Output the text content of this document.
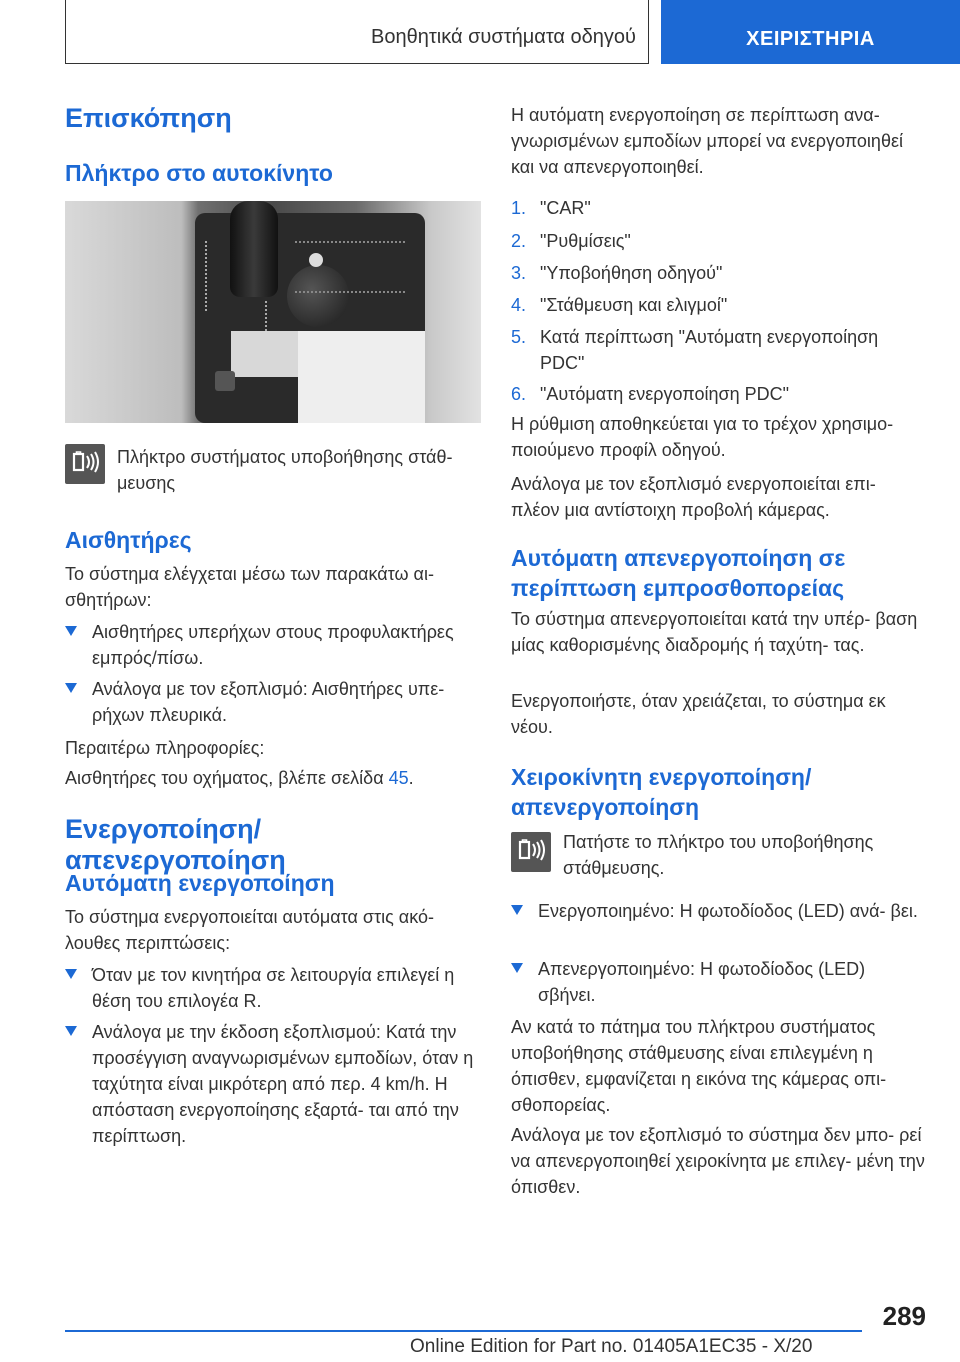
Βοηθητικά συστήματα οδηγού	ΧΕΙΡΙΣΤΗΡΙΑ
Επισκόπηση
Πλήκτρο στο αυτοκίνητο
Πλήκτρο συστήματος υποβοήθησης στάθ‐ μευσης
Αισθητήρες
Το σύστημα ελέγχεται μέσω των παρακάτω αι‐ σθητήρων:
Αισθητήρες υπερήχων στους προφυλακτήρες εμπρός/πίσω.
Ανάλογα με τον εξοπλισμό: Αισθητήρες υπε‐ ρήχων πλευρικά.
Περαιτέρω πληροφορίες:
Αισθητήρες του οχήματος, βλέπε σελίδα 45.
Ενεργοποίηση/απενεργοποίηση
Αυτόματη ενεργοποίηση
Το σύστημα ενεργοποιείται αυτόματα στις ακό‐ λουθες περιπτώσεις:
Όταν με τον κινητήρα σε λειτουργία επιλεγεί η θέση του επιλογέα R.
Ανάλογα με την έκδοση εξοπλισμού: Κατά την προσέγγιση αναγνωρισμένων εμποδίων, όταν η ταχύτητα είναι μικρότερη από περ. 4 km/h. Η απόσταση ενεργοποίησης εξαρτά‐ ται από την περίπτωση.
Η αυτόματη ενεργοποίηση σε περίπτωση ανα‐ γνωρισμένων εμποδίων μπορεί να ενεργοποιηθεί και να απενεργοποιηθεί.
1. "CAR"
2. "Ρυθμίσεις"
3. "Υποβοήθηση οδηγού"
4. "Στάθμευση και ελιγμοί"
5. Κατά περίπτωση "Αυτόματη ενεργοποίηση PDC"
6. "Αυτόματη ενεργοποίηση PDC"
Η ρύθμιση αποθηκεύεται για το τρέχον χρησιμο‐ ποιούμενο προφίλ οδηγού.
Ανάλογα με τον εξοπλισμό ενεργοποιείται επι‐ πλέον μια αντίστοιχη προβολή κάμερας.
Αυτόματη απενεργοποίηση σε περίπτωση εμπροσθοπορείας
Το σύστημα απενεργοποιείται κατά την υπέρ‐ βαση μίας καθορισμένης διαδρομής ή ταχύτη‐ τας.
Ενεργοποιήστε, όταν χρειάζεται, το σύστημα εκ νέου.
Χειροκίνητη ενεργοποίηση/ απενεργοποίηση
Πατήστε το πλήκτρο του υποβοήθησης στάθμευσης.
Ενεργοποιημένο: Η φωτοδίοδος (LED) ανά‐ βει.
Απενεργοποιημένο: Η φωτοδίοδος (LED) σβήνει.
Αν κατά το πάτημα του πλήκτρου συστήματος υποβοήθησης στάθμευσης είναι επιλεγμένη η όπισθεν, εμφανίζεται η εικόνα της κάμερας οπι‐ σθοπορείας.
Ανάλογα με τον εξοπλισμό το σύστημα δεν μπο‐ ρεί να απενεργοποιηθεί χειροκίνητα με επιλεγ‐ μένη την όπισθεν.
289
Online Edition for Part no. 01405A1EC35 - X/20
